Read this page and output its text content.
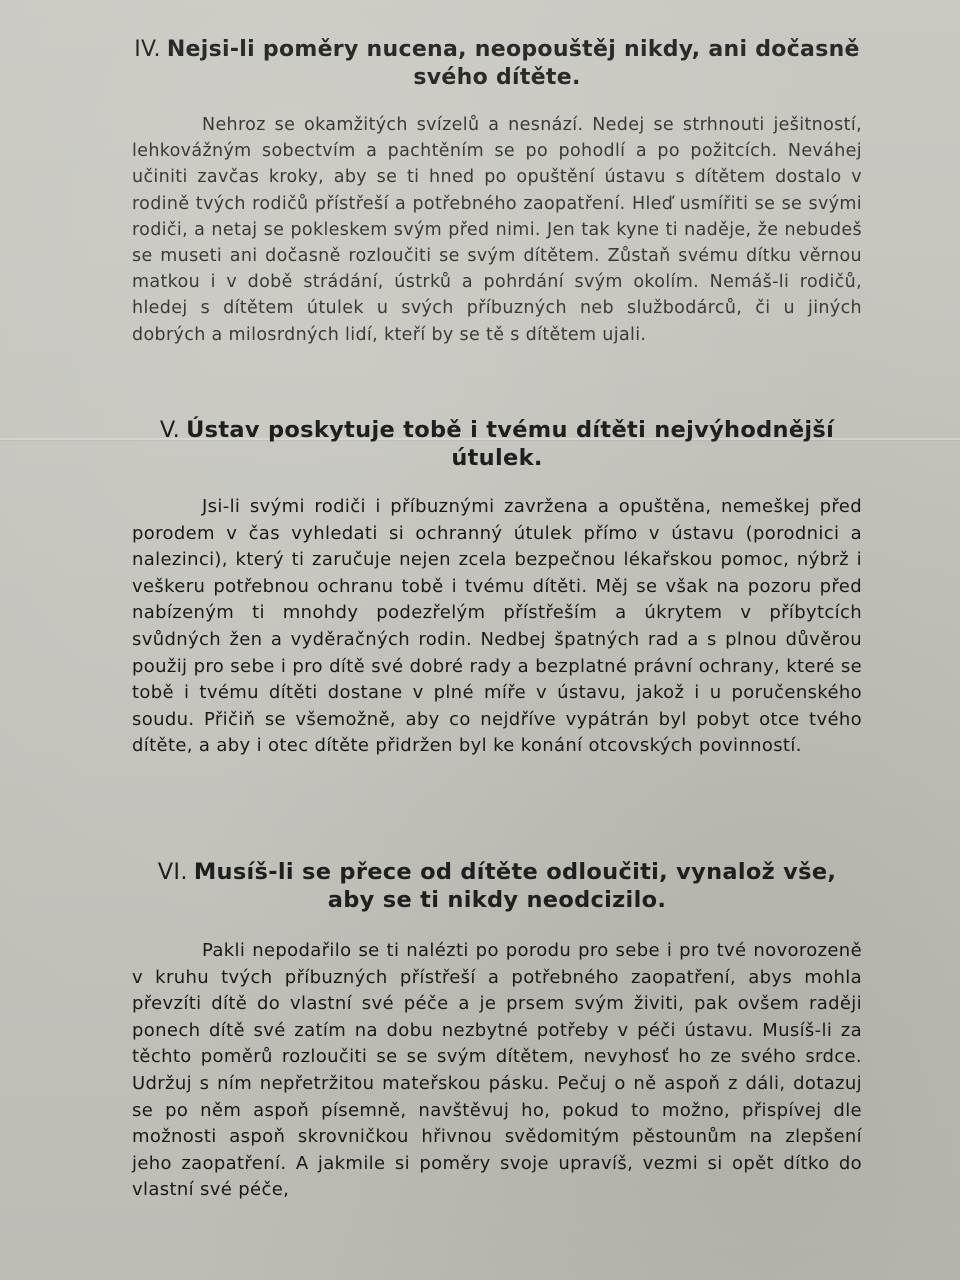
IV. Nejsi-li poměry nucena, neopouštěj nikdy, ani dočasně svého dítěte.

Nehroz se okamžitých svízelů a nesnází. Nedej se strhnouti ješitností, lehkovážným sobectvím a pachtěním se po pohodlí a po požitcích. Neváhej učiniti zavčas kroky, aby se ti hned po opuštění ústavu s dítětem dostalo v rodině tvých rodičů přístřeší a potřebného zaopatření. Hleď usmířiti se se svými rodiči, a netaj se pokleskem svým před nimi. Jen tak kyne ti naděje, že nebudeš se museti ani dočasně rozloučiti se svým dítětem. Zůstaň svému dítku věrnou matkou i v době strádání, ústrků a pohrdání svým okolím. Nemáš-li rodičů, hledej s dítětem útulek u svých příbuzných neb službodárců, či u jiných dobrých a milosrdných lidí, kteří by se tě s dítětem ujali.

V. Ústav poskytuje tobě i tvému dítěti nejvýhodnější útulek.

Jsi-li svými rodiči i příbuznými zavržena a opuštěna, nemeškej před porodem v čas vyhledati si ochranný útulek přímo v ústavu (porodnici a nalezinci), který ti zaručuje nejen zcela bezpečnou lékařskou pomoc, nýbrž i veškeru potřebnou ochranu tobě i tvému dítěti. Měj se však na pozoru před nabízeným ti mnohdy podezřelým přístřeším a úkrytem v příbytcích svůdných žen a vyděračných rodin. Nedbej špatných rad a s plnou důvěrou použij pro sebe i pro dítě své dobré rady a bezplatné právní ochrany, které se tobě i tvému dítěti dostane v plné míře v ústavu, jakož i u poručenského soudu. Přičiň se všemožně, aby co nejdříve vypátrán byl pobyt otce tvého dítěte, a aby i otec dítěte přidržen byl ke konání otcovských povinností.

VI. Musíš-li se přece od dítěte odloučiti, vynalož vše, aby se ti nikdy neodcizilo.

Pakli nepodařilo se ti nalézti po porodu pro sebe i pro tvé novorozeně v kruhu tvých příbuzných přístřeší a potřebného zaopatření, abys mohla převzíti dítě do vlastní své péče a je prsem svým živiti, pak ovšem raději ponech dítě své zatím na dobu nezbytné potřeby v péči ústavu. Musíš-li za těchto poměrů rozloučiti se se svým dítětem, nevyhosť ho ze svého srdce. Udržuj s ním nepřetržitou mateřskou pásku. Pečuj o ně aspoň z dáli, dotazuj se po něm aspoň písemně, navštěvuj ho, pokud to možno, přispívej dle možnosti aspoň skrovničkou hřivnou svědomitým pěstounům na zlepšení jeho zaopatření. A jakmile si poměry svoje upravíš, vezmi si opět dítko do vlastní své péče,
